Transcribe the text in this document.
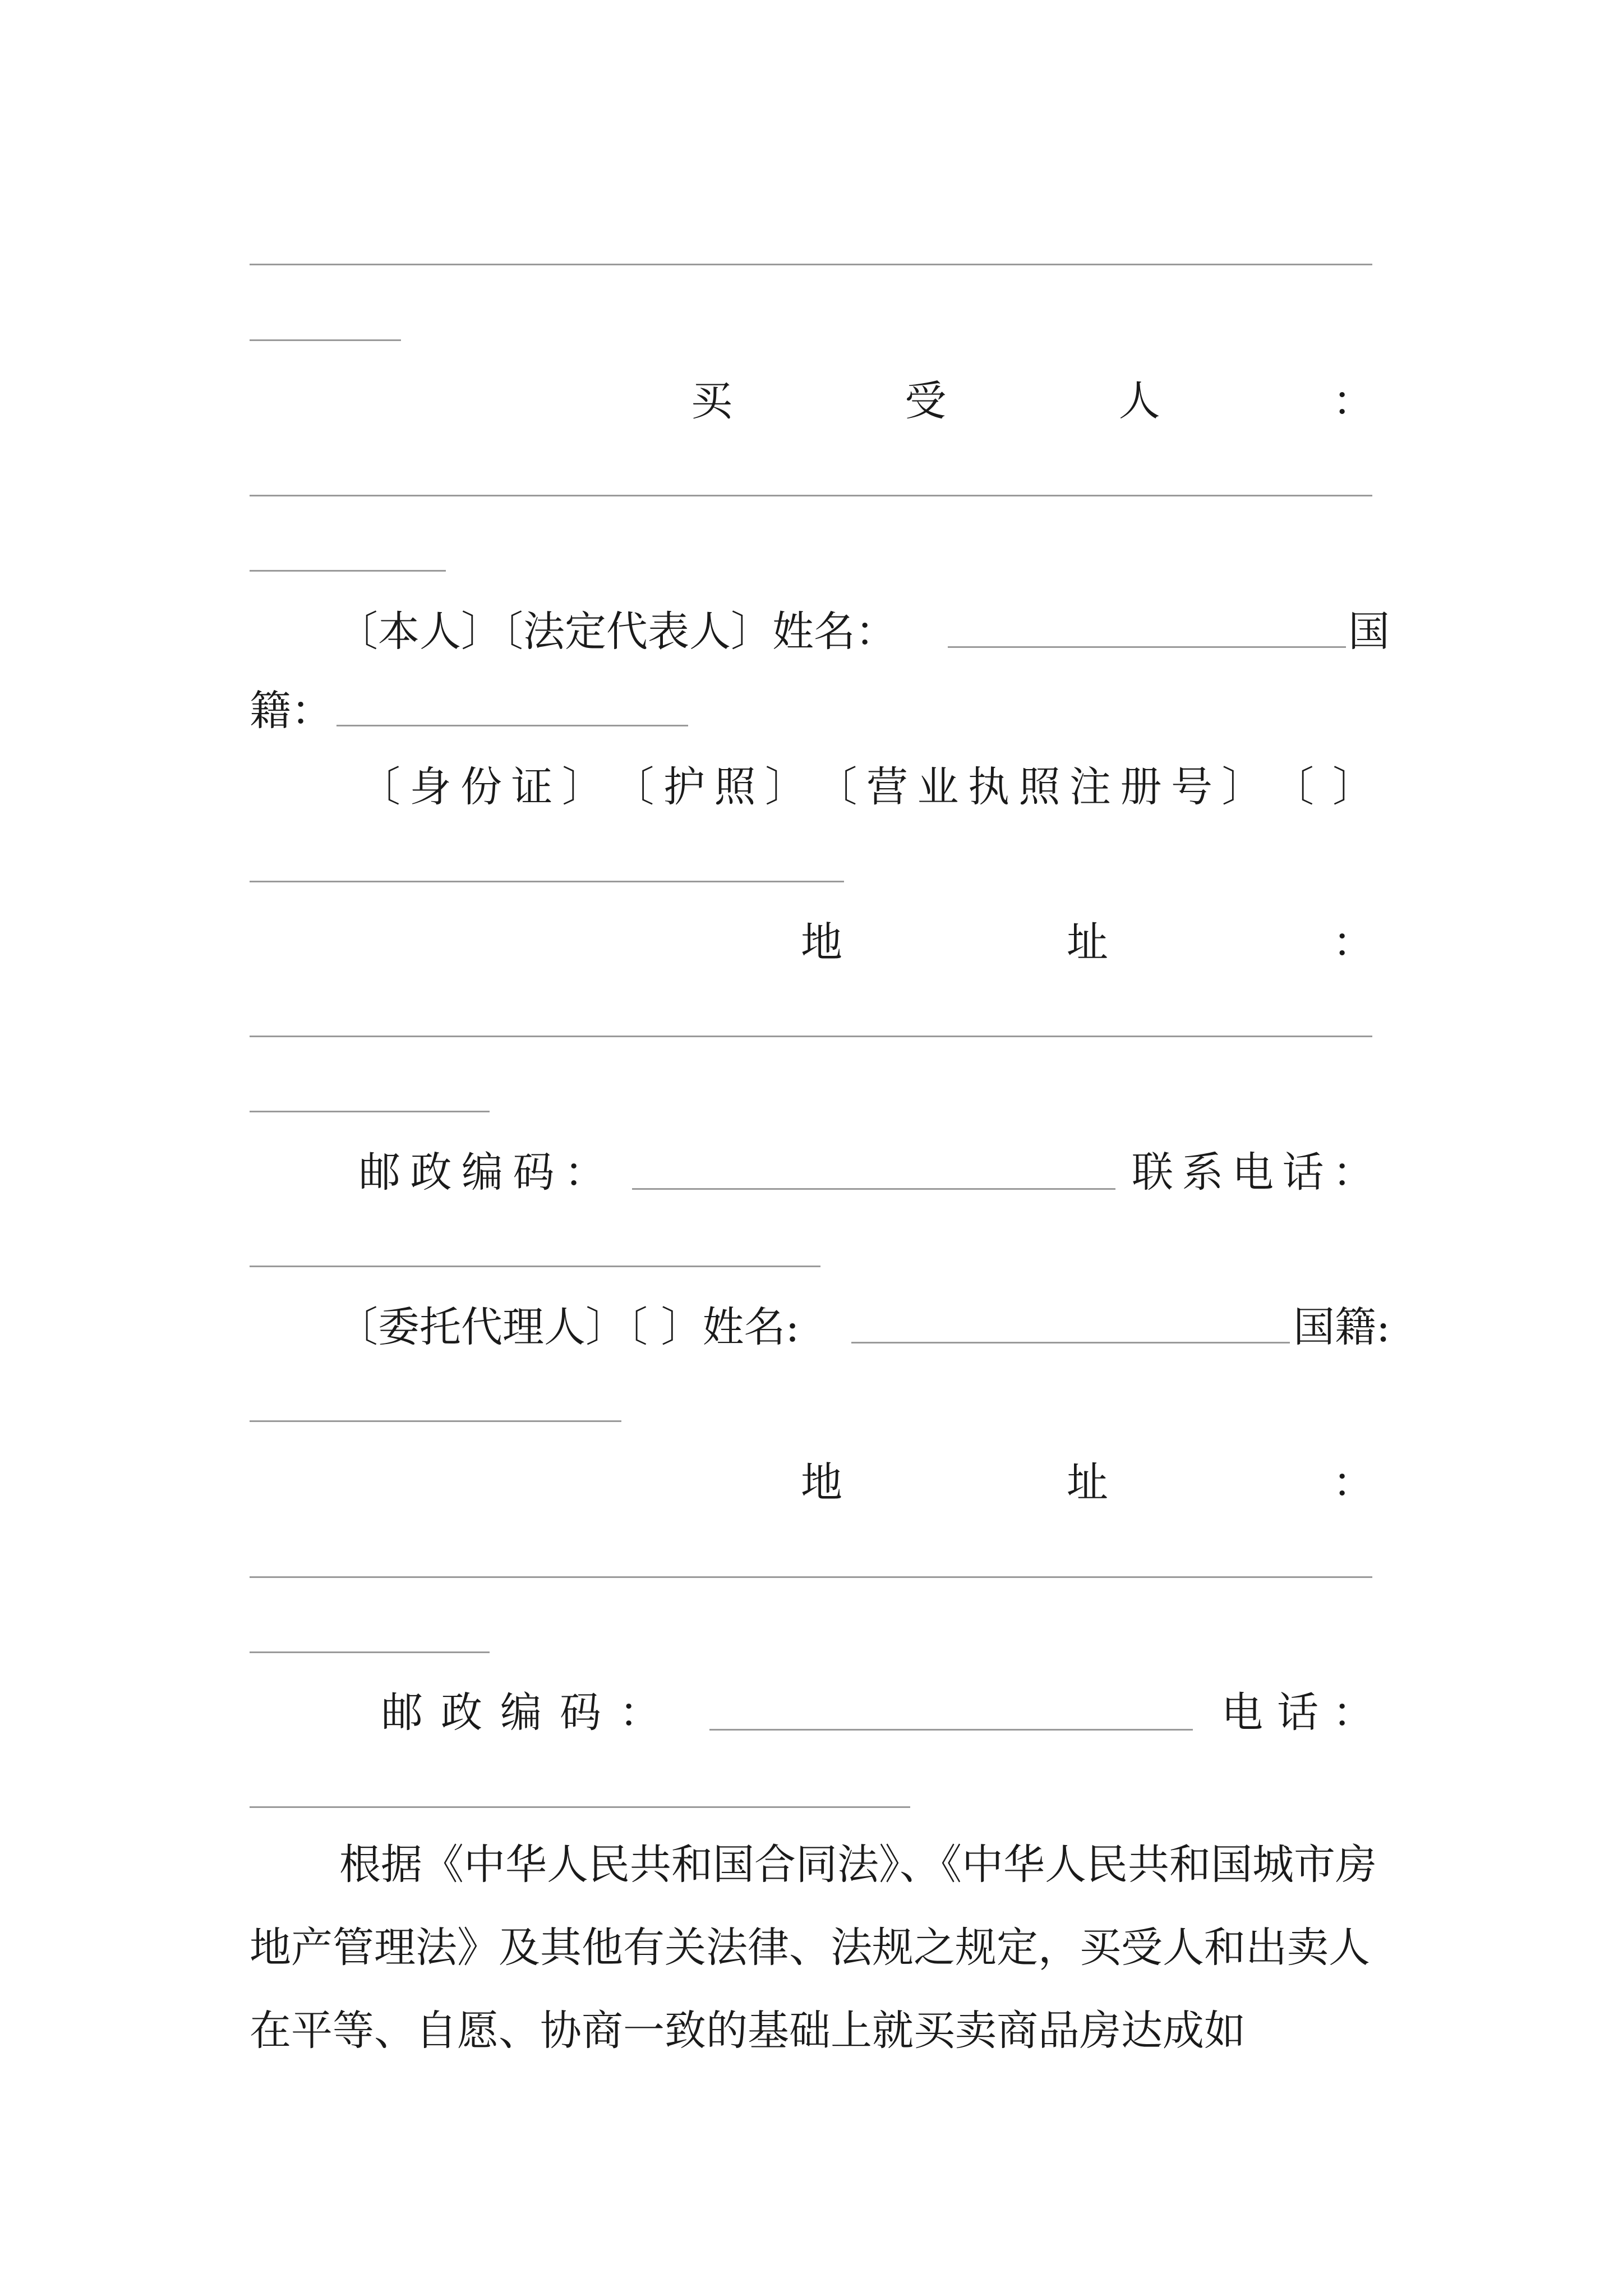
买	受	人	：
〔本人〕〔法定代表人〕姓名：	国
籍：
〔 身 份 证 〕 〔 护 照 〕 〔 营 业 执 照 注 册 号 〕 〔 〕
地	址	：
邮 政 编 码 ：	联 系 电 话 ：
〔委托代理人〕〔 〕姓名:	国籍:
地	址	：
邮 政 编 码 ：	电 话 ：
根据《中华人民共和国合同法》、《中华人民共和国城市房地产管理法》及其他有关法律、法规之规定，买受人和出卖人在平等、自愿、协商一致的基础上就买卖商品房达成如
